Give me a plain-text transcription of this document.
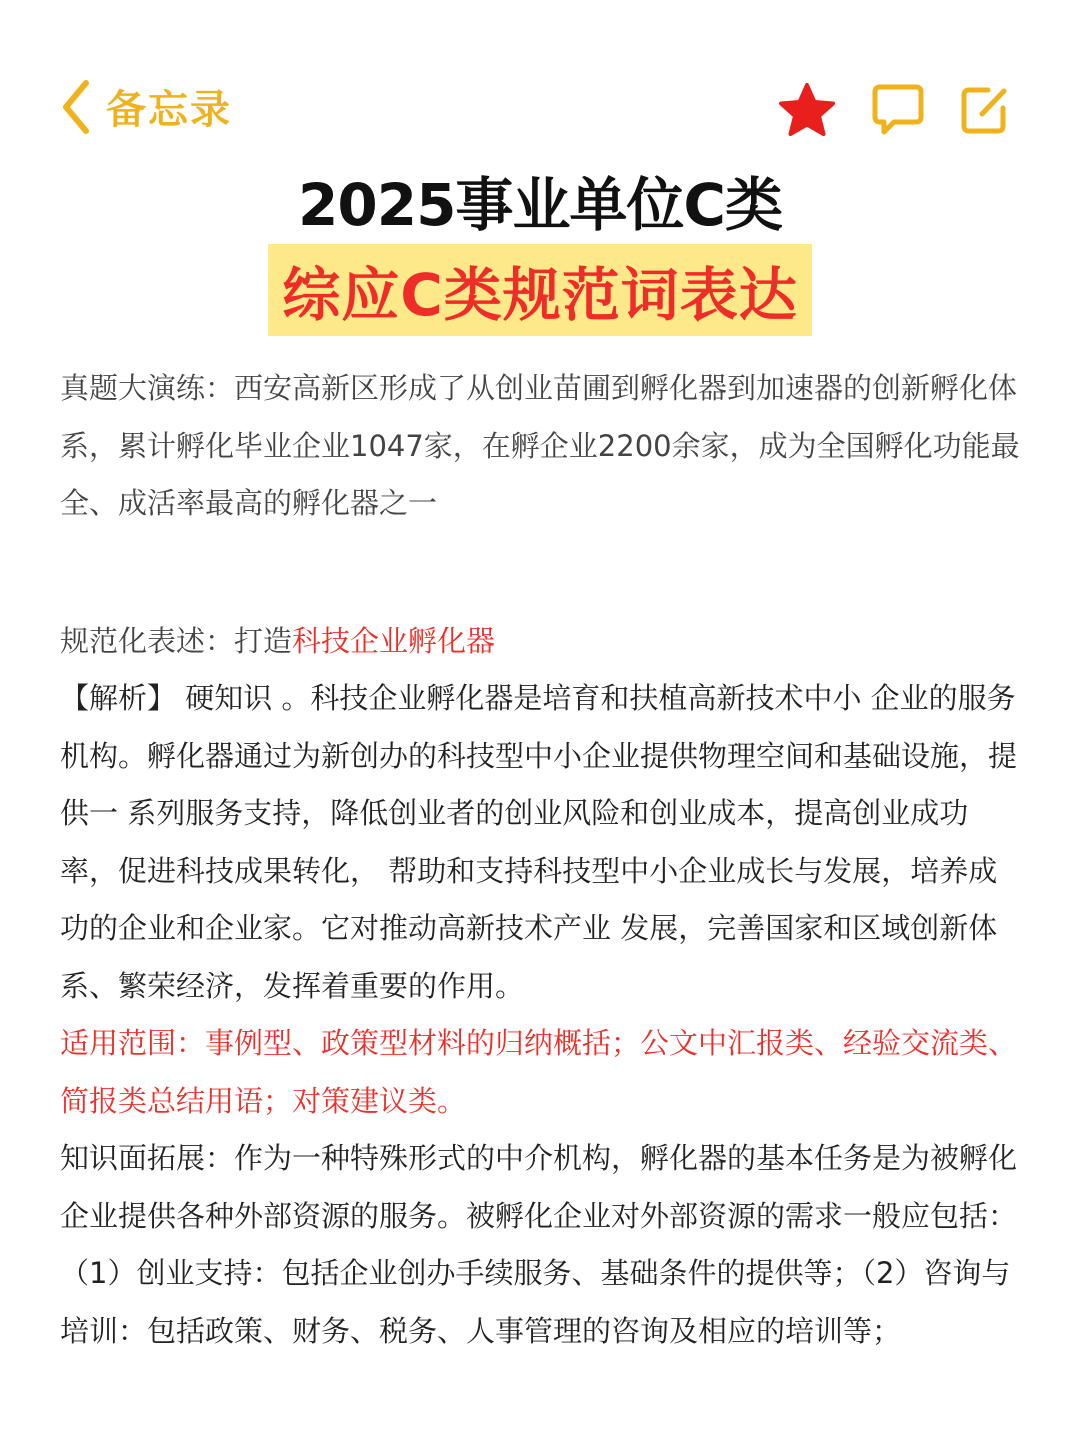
备忘录
2025事业单位C类
综应C类规范词表达

真题大演练：西安高新区形成了从创业苗圃到孵化器到加速器的创新孵化体系，累计孵化毕业企业1047家，在孵企业2200余家，成为全国孵化功能最全、成活率最高的孵化器之一

规范化表述：打造科技企业孵化器

【解析】 硬知识 。科技企业孵化器是培育和扶植高新技术中小 企业的服务机构。孵化器通过为新创办的科技型中小企业提供物理空间和基础设施，提供一 系列服务支持，降低创业者的创业风险和创业成本，提高创业成功率，促进科技成果转化， 帮助和支持科技型中小企业成长与发展，培养成功的企业和企业家。它对推动高新技术产业 发展，完善国家和区域创新体系、繁荣经济，发挥着重要的作用。

适用范围：事例型、政策型材料的归纳概括；公文中汇报类、经验交流类、简报类总结用语；对策建议类。

知识面拓展：作为一种特殊形式的中介机构，孵化器的基本任务是为被孵化企业提供各种外部资源的服务。被孵化企业对外部资源的需求一般应包括：（1）创业支持：包括企业创办手续服务、基础条件的提供等；（2）咨询与培训：包括政策、财务、税务、人事管理的咨询及相应的培训等；
